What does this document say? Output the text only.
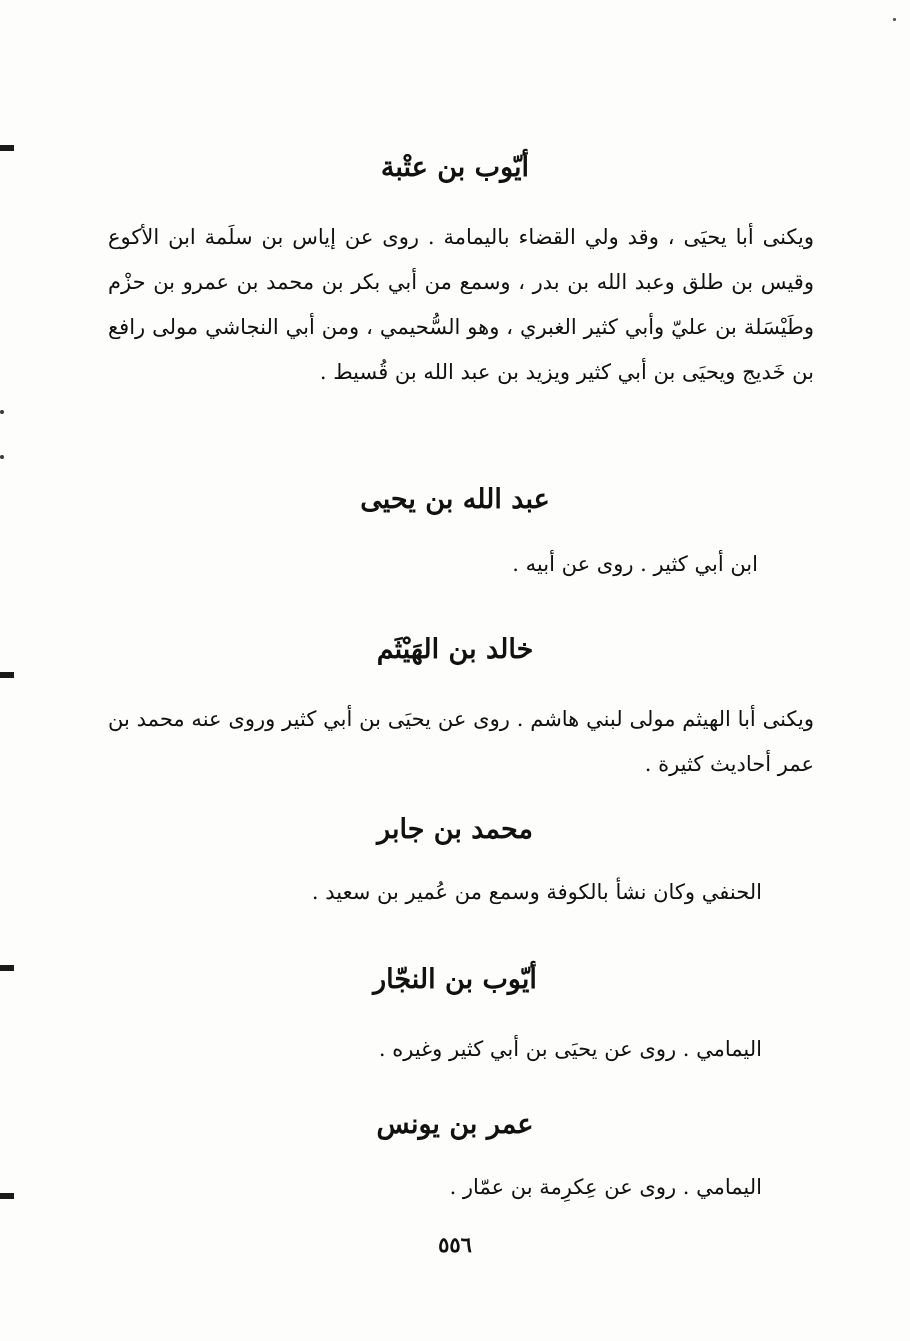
أيّوب بن عتْبة
ويكنى أبا يحيَى ، وقد ولي القضاء باليمامة . روى عن إياس بن سلَمة ابن الأكوع وقيس بن طلق وعبد الله بن بدر ، وسمع من أبي بكر بن محمد بن عمرو بن حزْم وطَيْسَلة بن عليّ وأبي كثير الغبري ، وهو السُّحيمي ، ومن أبي النجاشي مولى رافع بن خَديج ويحيَى بن أبي كثير ويزيد بن عبد الله بن قُسيط .
عبد الله بن يحيى
ابن أبي كثير . روى عن أبيه .
خالد بن الهَيْثَم
ويكنى أبا الهيثم مولى لبني هاشم . روى عن يحيَى بن أبي كثير وروى عنه محمد بن عمر أحاديث كثيرة .
محمد بن جابر
الحنفي وكان نشأ بالكوفة وسمع من عُمير بن سعيد .
أيّوب بن النجّار
اليمامي . روى عن يحيَى بن أبي كثير وغيره .
عمر بن يونس
اليمامي . روى عن عِكرِمة بن عمّار .
٥٥٦
